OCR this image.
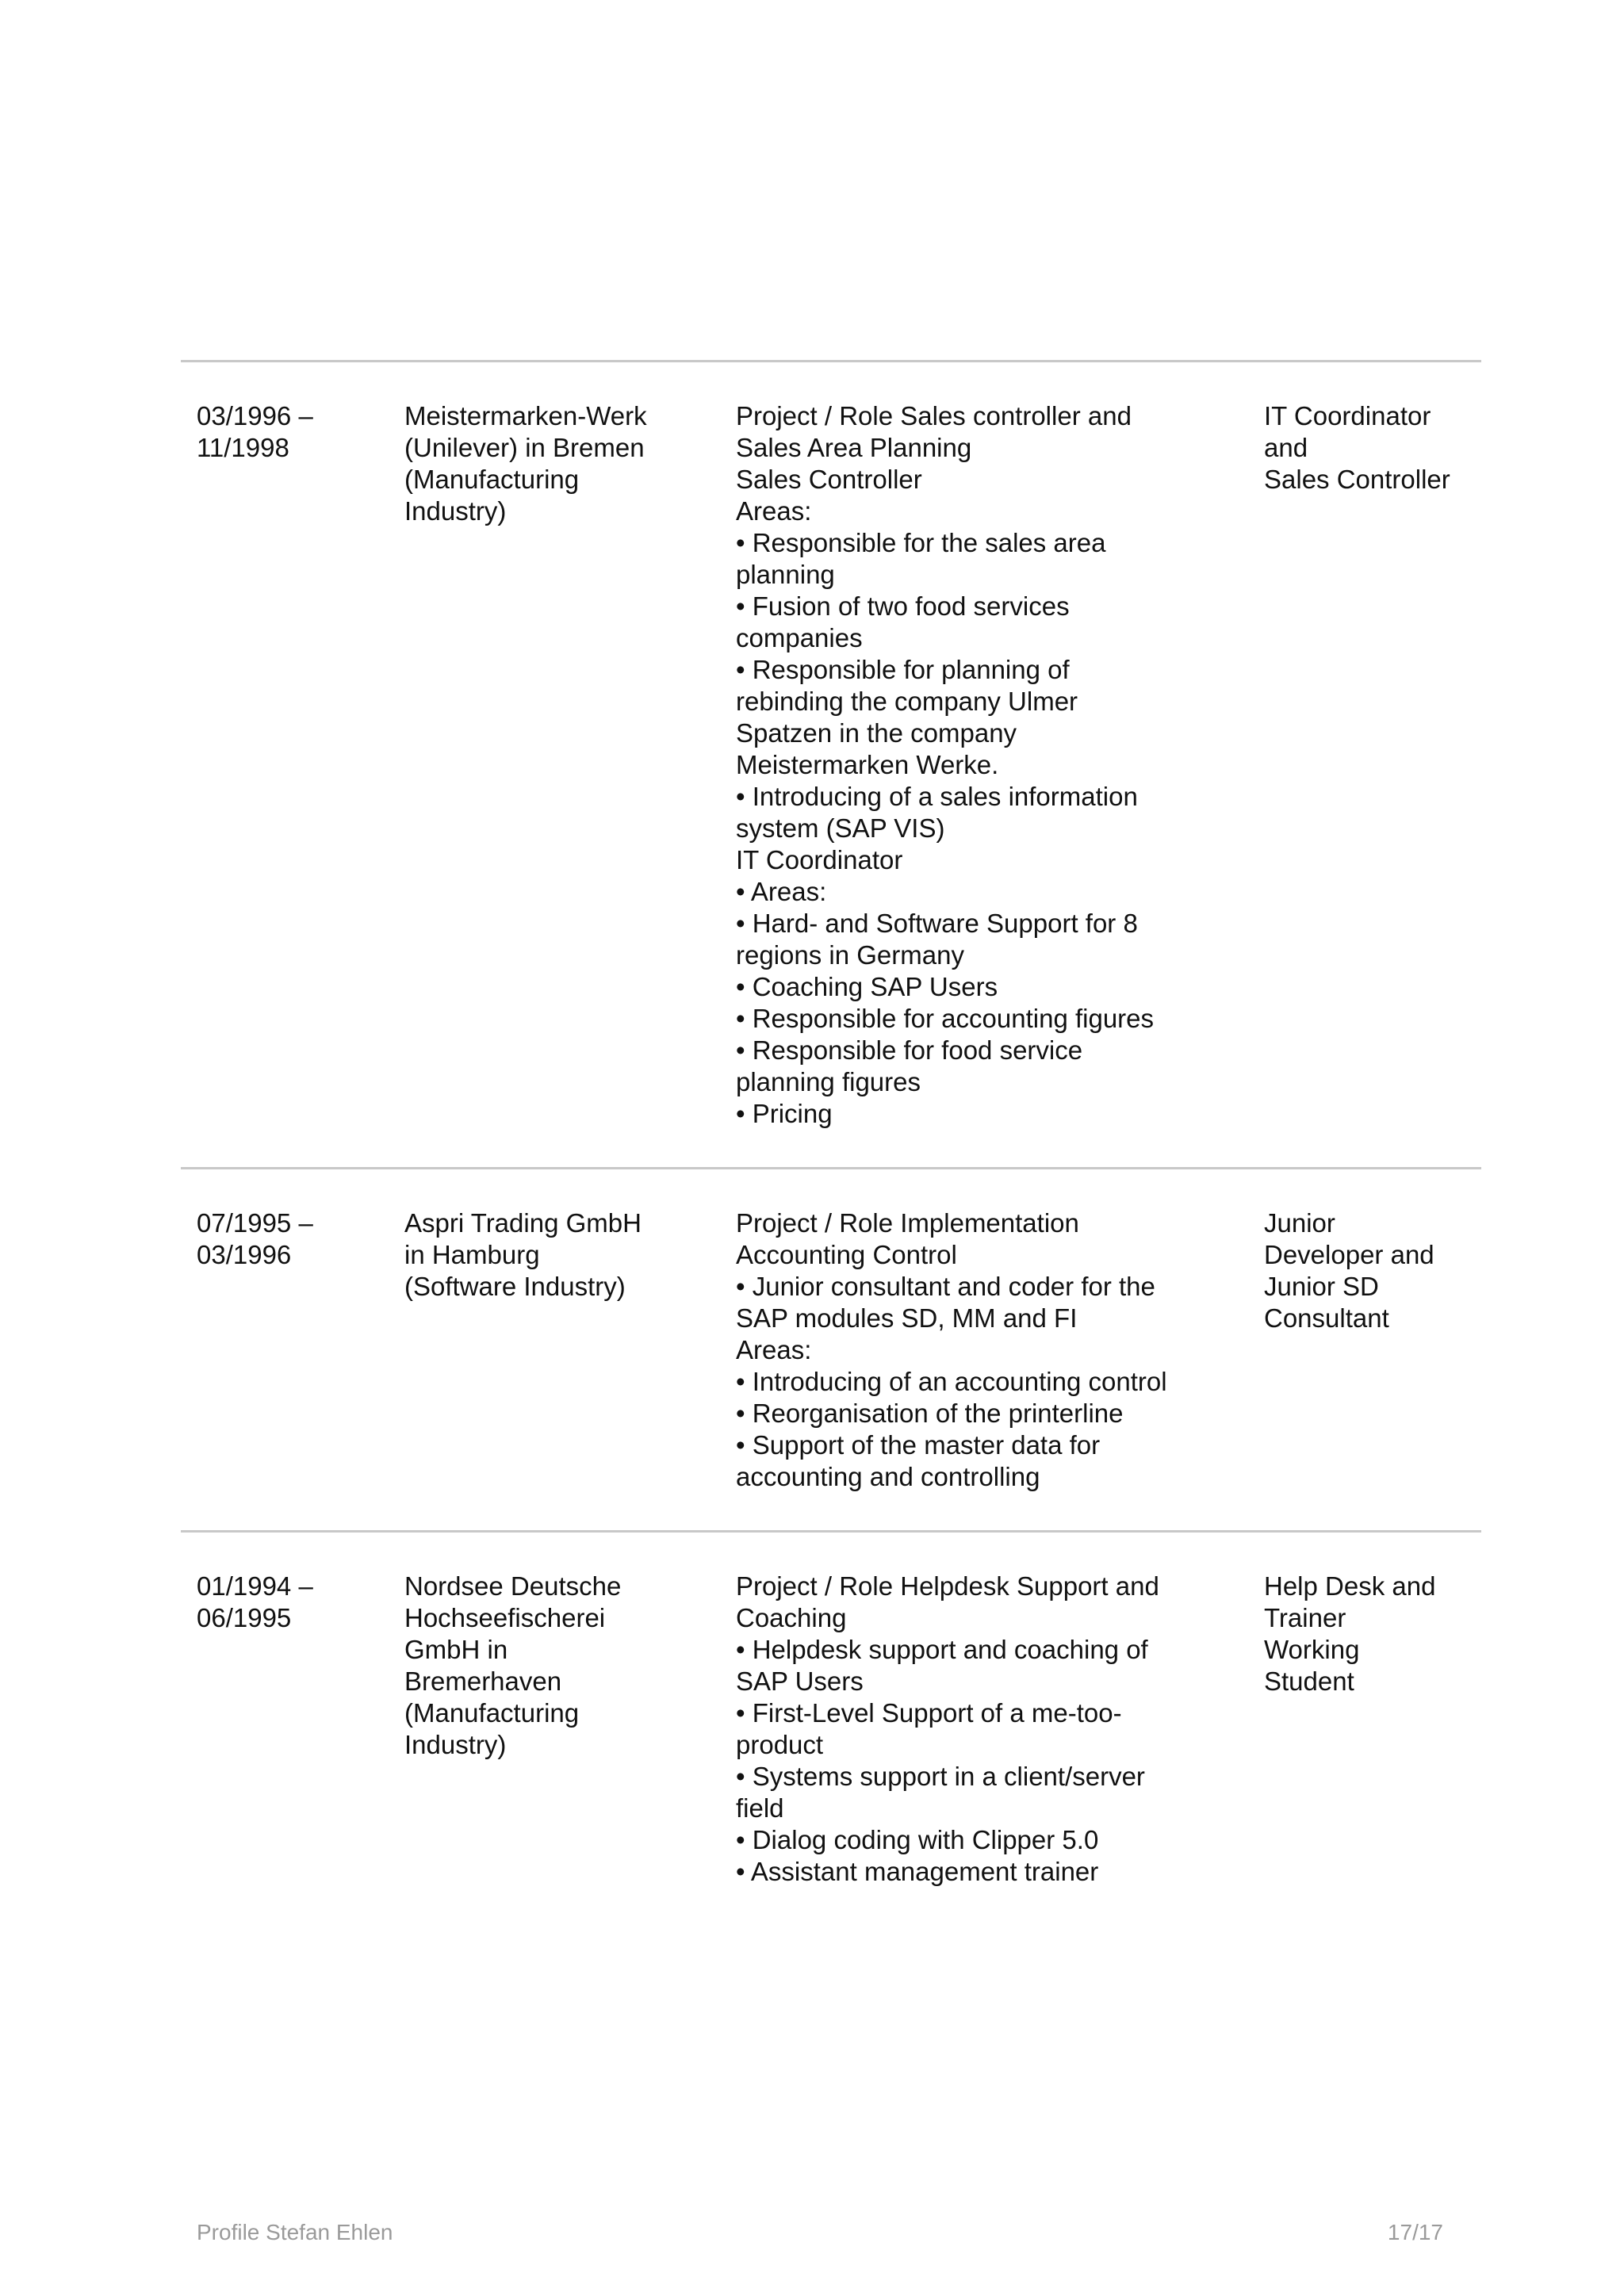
03/1996 –
11/1998
Meistermarken-Werk
(Unilever) in Bremen
(Manufacturing
Industry)
Project / Role Sales controller and
Sales Area Planning
Sales Controller
Areas:
• Responsible for the sales area
planning
• Fusion of two food services
companies
• Responsible for planning of
rebinding the company Ulmer
Spatzen in the company
Meistermarken Werke.
• Introducing of a sales information
system (SAP VIS)
IT Coordinator
• Areas:
• Hard- and Software Support for 8
regions in Germany
• Coaching SAP Users
• Responsible for accounting figures
• Responsible for food service
planning figures
• Pricing
IT Coordinator
and
Sales Controller
07/1995 –
03/1996
Aspri Trading GmbH
in Hamburg
(Software Industry)
Project / Role Implementation
Accounting Control
• Junior consultant and coder for the
SAP modules SD, MM and FI
Areas:
• Introducing of an accounting control
• Reorganisation of the printerline
• Support of the master data for
accounting and controlling
Junior
Developer and
Junior SD
Consultant
01/1994 –
06/1995
Nordsee Deutsche
Hochseefischerei
GmbH in
Bremerhaven
(Manufacturing
Industry)
Project / Role Helpdesk Support and
Coaching
• Helpdesk support and coaching of
SAP Users
• First-Level Support of a me-too-
product
• Systems support in a client/server
field
• Dialog coding with Clipper 5.0
• Assistant management trainer
Help Desk and
Trainer
Working
Student
Profile Stefan Ehlen	17/17
